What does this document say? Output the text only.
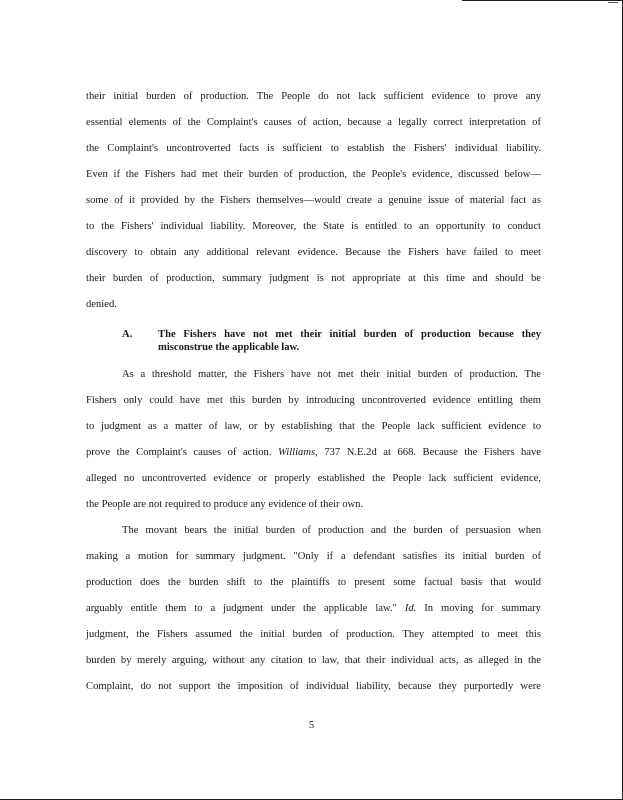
their initial burden of production. The People do not lack sufficient evidence to prove any
essential elements of the Complaint's causes of action, because a legally correct interpretation of
the Complaint's uncontroverted facts is sufficient to establish the Fishers' individual liability.
Even if the Fishers had met their burden of production, the People's evidence, discussed below—
some of it provided by the Fishers themselves—would create a genuine issue of material fact as
to the Fishers' individual liability. Moreover, the State is entitled to an opportunity to conduct
discovery to obtain any additional relevant evidence. Because the Fishers have failed to meet
their burden of production, summary judgment is not appropriate at this time and should be
denied.
A. The Fishers have not met their initial burden of production because they
misconstrue the applicable law.
As a threshold matter, the Fishers have not met their initial burden of production. The
Fishers only could have met this burden by introducing uncontroverted evidence entitling them
to judgment as a matter of law, or by establishing that the People lack sufficient evidence to
prove the Complaint's causes of action. Williams, 737 N.E.2d at 668. Because the Fishers have
alleged no uncontroverted evidence or properly established the People lack sufficient evidence,
the People are not required to produce any evidence of their own.
The movant bears the initial burden of production and the burden of persuasion when
making a motion for summary judgment. "Only if a defendant satisfies its initial burden of
production does the burden shift to the plaintiffs to present some factual basis that would
arguably entitle them to a judgment under the applicable law." Id. In moving for summary
judgment, the Fishers assumed the initial burden of production. They attempted to meet this
burden by merely arguing, without any citation to law, that their individual acts, as alleged in the
Complaint, do not support the imposition of individual liability, because they purportedly were
5
